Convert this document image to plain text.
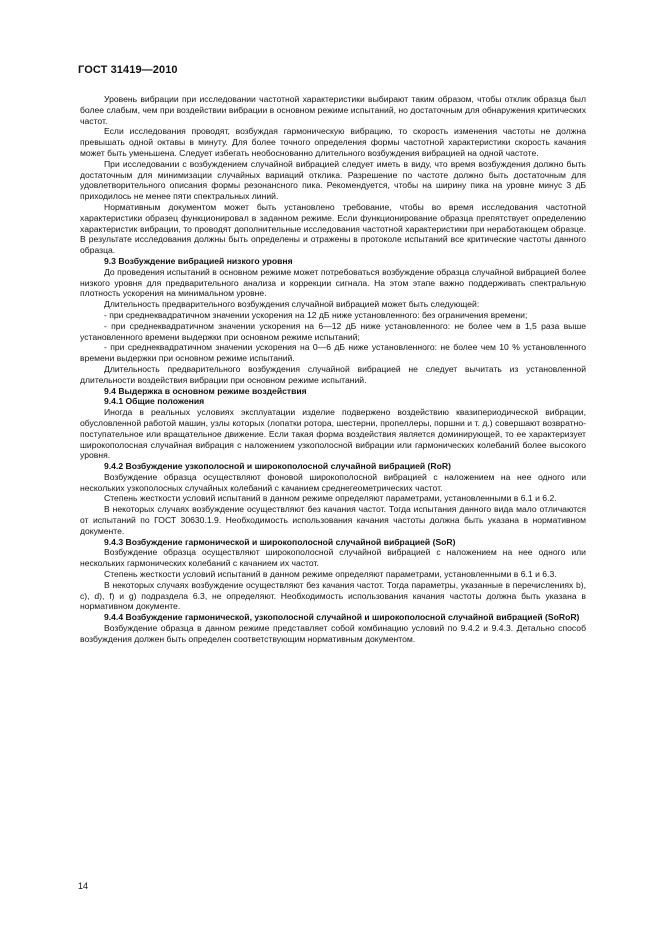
ГОСТ 31419—2010

Уровень вибрации при исследовании частотной характеристики выбирают таким образом, чтобы отклик образца был более слабым, чем при воздействии вибрации в основном режиме испытаний, но достаточным для обнаружения критических частот.

Если исследования проводят, возбуждая гармоническую вибрацию, то скорость изменения частоты не должна превышать одной октавы в минуту. Для более точного определения формы частотной характеристики скорость качания может быть уменьшена. Следует избегать необоснованно длительного возбуждения вибрацией на одной частоте.

При исследовании с возбуждением случайной вибрацией следует иметь в виду, что время возбуждения должно быть достаточным для минимизации случайных вариаций отклика. Разрешение по частоте должно быть достаточным для удовлетворительного описания формы резонансного пика. Рекомендуется, чтобы на ширину пика на уровне минус 3 дБ приходилось не менее пяти спектральных линий.

Нормативным документом может быть установлено требование, чтобы во время исследования частотной характеристики образец функционировал в заданном режиме. Если функционирование образца препятствует определению характеристик вибрации, то проводят дополнительные исследования частотной характеристики при неработающем образце. В результате исследования должны быть определены и отражены в протоколе испытаний все критические частоты данного образца.

9.3 Возбуждение вибрацией низкого уровня

До проведения испытаний в основном режиме может потребоваться возбуждение образца случайной вибрацией более низкого уровня для предварительного анализа и коррекции сигнала. На этом этапе важно поддерживать спектральную плотность ускорения на минимальном уровне.

Длительность предварительного возбуждения случайной вибрацией может быть следующей:

- при среднеквадратичном значении ускорения на 12 дБ ниже установленного: без ограничения времени;

- при среднеквадратичном значении ускорения на 6—12 дБ ниже установленного: не более чем в 1,5 раза выше установленного времени выдержки при основном режиме испытаний;

- при среднеквадратичном значении ускорения на 0—6 дБ ниже установленного: не более чем 10 % установленного времени выдержки при основном режиме испытаний.

Длительность предварительного возбуждения случайной вибрацией не следует вычитать из установленной длительности воздействия вибрации при основном режиме испытаний.

9.4 Выдержка в основном режиме воздействия

9.4.1 Общие положения

Иногда в реальных условиях эксплуатации изделие подвержено воздействию квазипериодической вибрации, обусловленной работой машин, узлы которых (лопатки ротора, шестерни, пропеллеры, поршни и т. д.) совершают возвратно-поступательное или вращательное движение. Если такая форма воздействия является доминирующей, то ее характеризует широкополосная случайная вибрация с наложением узкополосной вибрации или гармонических колебаний более высокого уровня.

9.4.2 Возбуждение узкополосной и широкополосной случайной вибрацией (RoR)

Возбуждение образца осуществляют фоновой широкополосной вибрацией с наложением на нее одного или нескольких узкополосных случайных колебаний с качанием среднегеометрических частот.

Степень жесткости условий испытаний в данном режиме определяют параметрами, установленными в 6.1 и 6.2.

В некоторых случаях возбуждение осуществляют без качания частот. Тогда испытания данного вида мало отличаются от испытаний по ГОСТ 30630.1.9. Необходимость использования качания частоты должна быть указана в нормативном документе.

9.4.3 Возбуждение гармонической и широкополосной случайной вибрацией (SoR)

Возбуждение образца осуществляют широкополосной случайной вибрацией с наложением на нее одного или нескольких гармонических колебаний с качанием их частот.

Степень жесткости условий испытаний в данном режиме определяют параметрами, установленными в 6.1 и 6.3.

В некоторых случаях возбуждение осуществляют без качания частот. Тогда параметры, указанные в перечислениях b), c), d), f) и g) подраздела 6.3, не определяют. Необходимость использования качания частоты должна быть указана в нормативном документе.

9.4.4 Возбуждение гармонической, узкополосной случайной и широкополосной случайной вибрацией (SoRoR)

Возбуждение образца в данном режиме представляет собой комбинацию условий по 9.4.2 и 9.4.3. Детально способ возбуждения должен быть определен соответствующим нормативным документом.

14
